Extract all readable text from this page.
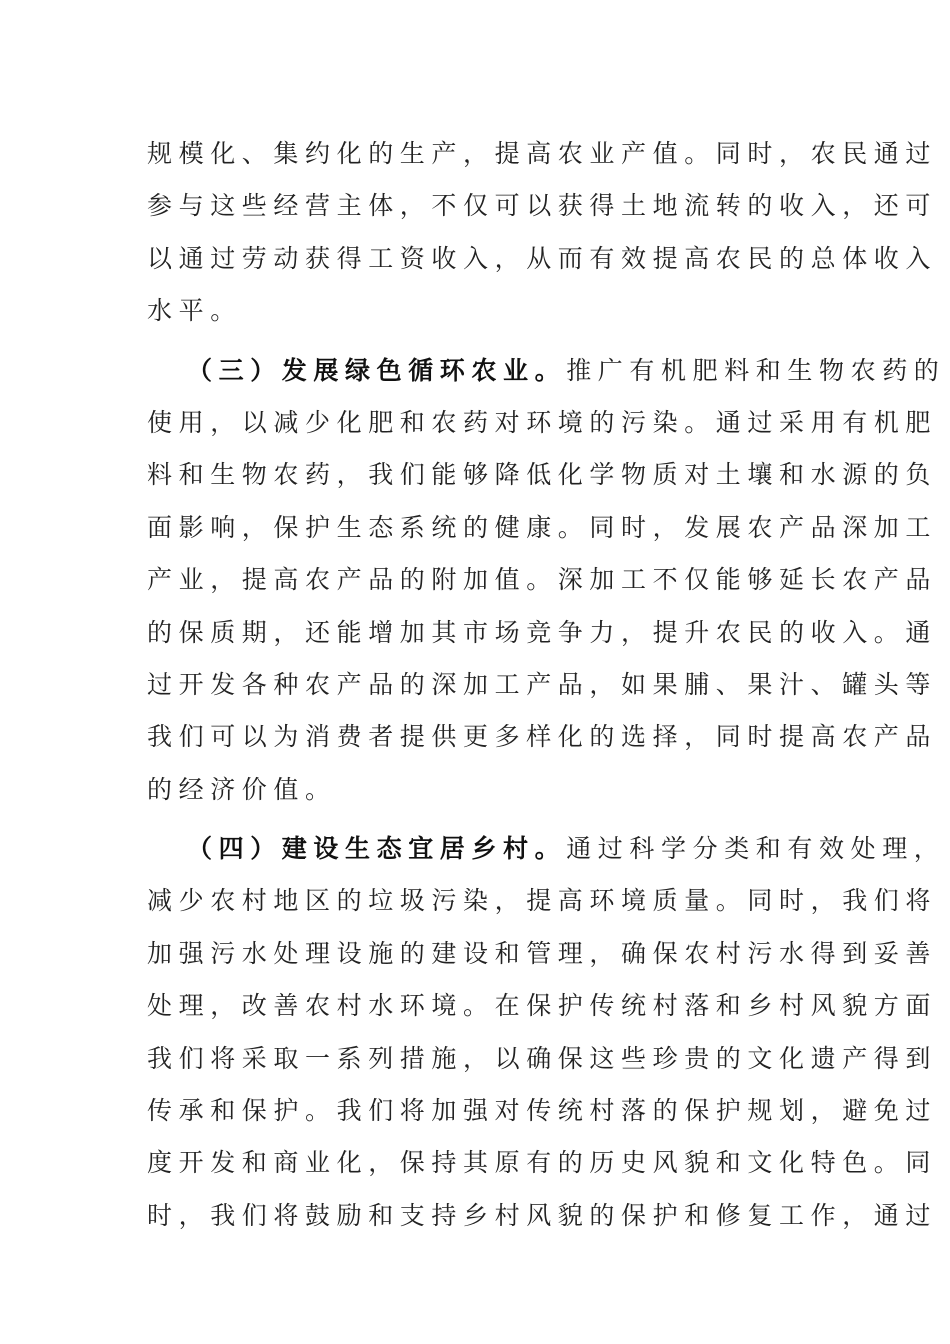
规模化、集约化的生产，提高农业产值。同时，农民通过
参与这些经营主体，不仅可以获得土地流转的收入，还可
以通过劳动获得工资收入，从而有效提高农民的总体收入
水平。
（三）发展绿色循环农业。推广有机肥料和生物农药的
使用，以减少化肥和农药对环境的污染。通过采用有机肥
料和生物农药，我们能够降低化学物质对土壤和水源的负
面影响，保护生态系统的健康。同时，发展农产品深加工
产业，提高农产品的附加值。深加工不仅能够延长农产品
的保质期，还能增加其市场竞争力，提升农民的收入。通
过开发各种农产品的深加工产品，如果脯、果汁、罐头等
我们可以为消费者提供更多样化的选择，同时提高农产品
的经济价值。
（四）建设生态宜居乡村。通过科学分类和有效处理，
减少农村地区的垃圾污染，提高环境质量。同时，我们将
加强污水处理设施的建设和管理，确保农村污水得到妥善
处理，改善农村水环境。在保护传统村落和乡村风貌方面
我们将采取一系列措施，以确保这些珍贵的文化遗产得到
传承和保护。我们将加强对传统村落的保护规划，避免过
度开发和商业化，保持其原有的历史风貌和文化特色。同
时，我们将鼓励和支持乡村风貌的保护和修复工作，通过
